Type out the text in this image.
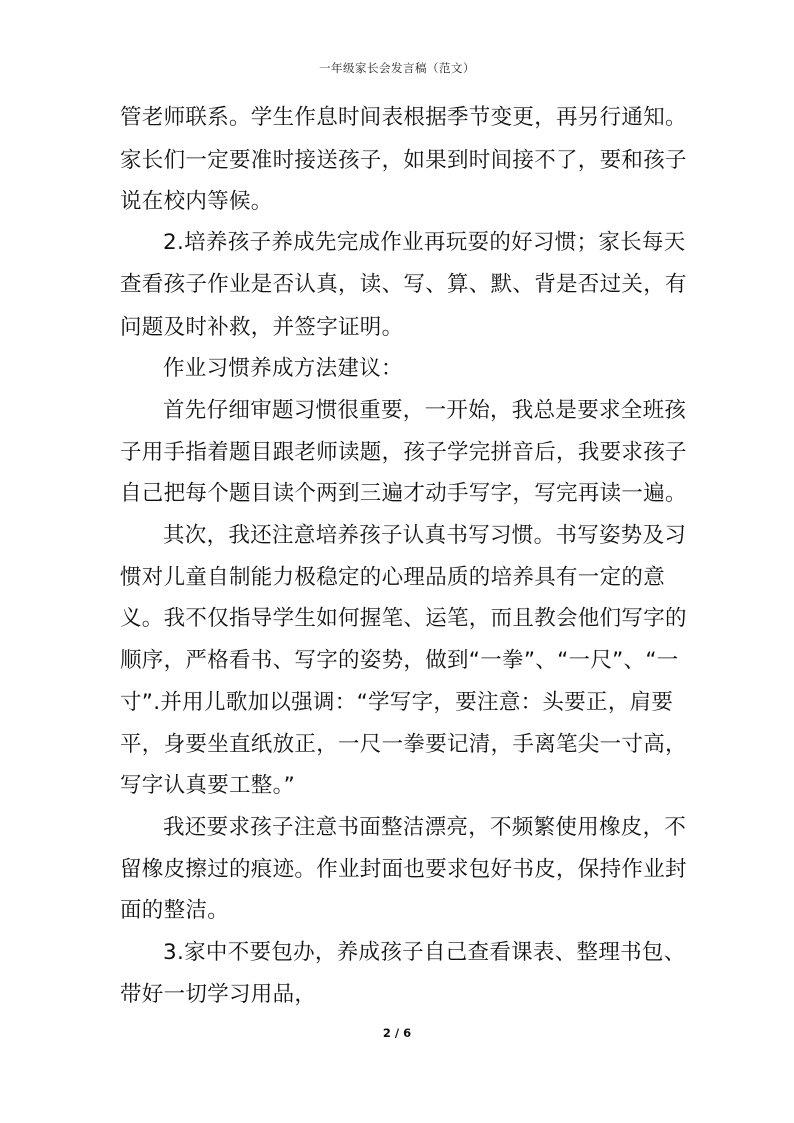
一年级家长会发言稿（范文）
管老师联系。学生作息时间表根据季节变更，再另行通知。
家长们一定要准时接送孩子，如果到时间接不了，要和孩子
说在校内等候。
2.培养孩子养成先完成作业再玩耍的好习惯；家长每天
查看孩子作业是否认真，读、写、算、默、背是否过关，有
问题及时补救，并签字证明。
作业习惯养成方法建议：
首先仔细审题习惯很重要，一开始，我总是要求全班孩
子用手指着题目跟老师读题，孩子学完拼音后，我要求孩子
自己把每个题目读个两到三遍才动手写字，写完再读一遍。
其次，我还注意培养孩子认真书写习惯。书写姿势及习
惯对儿童自制能力极稳定的心理品质的培养具有一定的意
义。我不仅指导学生如何握笔、运笔，而且教会他们写字的
顺序，严格看书、写字的姿势，做到“一拳”、“一尺”、“一
寸”.并用儿歌加以强调：“学写字，要注意：头要正，肩要
平，身要坐直纸放正，一尺一拳要记清，手离笔尖一寸高，
写字认真要工整。”
我还要求孩子注意书面整洁漂亮，不频繁使用橡皮，不
留橡皮擦过的痕迹。作业封面也要求包好书皮，保持作业封
面的整洁。
3.家中不要包办，养成孩子自己查看课表、整理书包、
带好一切学习用品，
2 / 6
